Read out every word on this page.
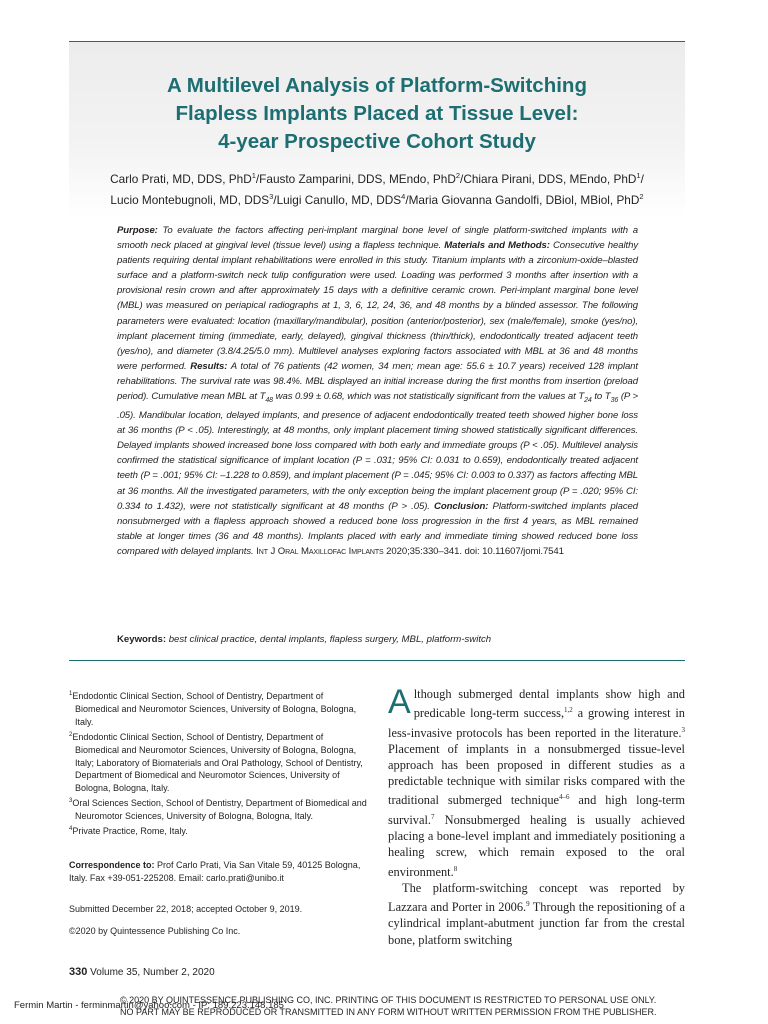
A Multilevel Analysis of Platform-Switching
Flapless Implants Placed at Tissue Level:
4-year Prospective Cohort Study
Carlo Prati, MD, DDS, PhD$^1$/Fausto Zamparini, DDS, MEndo, PhD$^2$/Chiara Pirani, DDS, MEndo, PhD$^1$/
Lucio Montebugnoli, MD, DDS$^3$/Luigi Canullo, MD, DDS$^4$/Maria Giovanna Gandolfi, DBiol, MBiol, PhD$^2$
Purpose: To evaluate the factors affecting peri-implant marginal bone level of single platform-switched implants with a smooth neck placed at gingival level (tissue level) using a flapless technique. Materials and Methods: Consecutive healthy patients requiring dental implant rehabilitations were enrolled in this study. Titanium implants with a zirconium-oxide–blasted surface and a platform-switch neck tulip configuration were used. Loading was performed 3 months after insertion with a provisional resin crown and after approximately 15 days with a definitive ceramic crown. Peri-implant marginal bone level (MBL) was measured on periapical radiographs at 1, 3, 6, 12, 24, 36, and 48 months by a blinded assessor. The following parameters were evaluated: location (maxillary/mandibular), position (anterior/posterior), sex (male/female), smoke (yes/no), implant placement timing (immediate, early, delayed), gingival thickness (thin/thick), endodontically treated adjacent teeth (yes/no), and diameter (3.8/4.25/5.0 mm). Multilevel analyses exploring factors associated with MBL at 36 and 48 months were performed. Results: A total of 76 patients (42 women, 34 men; mean age: 55.6 ± 10.7 years) received 128 implant rehabilitations. The survival rate was 98.4%. MBL displayed an initial increase during the first months from insertion (preload period). Cumulative mean MBL at $T_{48}$ was 0.99 ± 0.68, which was not statistically significant from the values at $T_{24}$ to $T_{36}$ (P > .05). Mandibular location, delayed implants, and presence of adjacent endodontically treated teeth showed higher bone loss at 36 months (P < .05). Interestingly, at 48 months, only implant placement timing showed statistically significant differences. Delayed implants showed increased bone loss compared with both early and immediate groups (P < .05). Multilevel analysis confirmed the statistical significance of implant location (P = .031; 95% CI: 0.031 to 0.659), endodontically treated adjacent teeth (P = .001; 95% CI: –1.228 to 0.859), and implant placement (P = .045; 95% CI: 0.003 to 0.337) as factors affecting MBL at 36 months. All the investigated parameters, with the only exception being the implant placement group (P = .020; 95% CI: 0.334 to 1.432), were not statistically significant at 48 months (P > .05). Conclusion: Platform-switched implants placed nonsubmerged with a flapless approach showed a reduced bone loss progression in the first 4 years, as MBL remained stable at longer times (36 and 48 months). Implants placed with early and immediate timing showed reduced bone loss compared with delayed implants. Int J Oral Maxillofac Implants 2020;35:330–341. doi: 10.11607/jomi.7541
Keywords: best clinical practice, dental implants, flapless surgery, MBL, platform-switch

$^1$Endodontic Clinical Section, School of Dentistry, Department of Biomedical and Neuromotor Sciences, University of Bologna, Bologna, Italy.

$^2$Endodontic Clinical Section, School of Dentistry, Department of Biomedical and Neuromotor Sciences, University of Bologna, Bologna, Italy; Laboratory of Biomaterials and Oral Pathology, School of Dentistry, Department of Biomedical and Neuromotor Sciences, University of Bologna, Bologna, Italy.

$^3$Oral Sciences Section, School of Dentistry, Department of Biomedical and Neuromotor Sciences, University of Bologna, Bologna, Italy.

$^4$Private Practice, Rome, Italy.

Correspondence to: Prof Carlo Prati, Via San Vitale 59, 40125 Bologna, Italy. Fax +39-051-225208. Email: carlo.prati@unibo.it
Submitted December 22, 2018; accepted October 9, 2019.
©2020 by Quintessence Publishing Co Inc.

Although submerged dental implants show high and predicable long-term success,$^{1,2}$ a growing interest in less-invasive protocols has been reported in the literature.$^3$ Placement of implants in a nonsubmerged tissue-level approach has been proposed in different studies as a predictable technique with similar risks compared with the traditional submerged technique$^{4-6}$ and high long-term survival.$^7$ Nonsubmerged healing is usually achieved placing a bone-level implant and immediately positioning a healing screw, which remain exposed to the oral environment.$^8$

The platform-switching concept was reported by Lazzara and Porter in 2006.$^9$ Through the repositioning of a cylindrical implant-abutment junction far from the crestal bone, platform switching

330 Volume 35, Number 2, 2020
© 2020 BY QUINTESSENCE PUBLISHING CO, INC. PRINTING OF THIS DOCUMENT IS RESTRICTED TO PERSONAL USE ONLY.
NO PART MAY BE REPRODUCED OR TRANSMITTED IN ANY FORM WITHOUT WRITTEN PERMISSION FROM THE PUBLISHER.
Fermin Martin - ferminmartin@yahoo.com - IP: 189.223.148.185
